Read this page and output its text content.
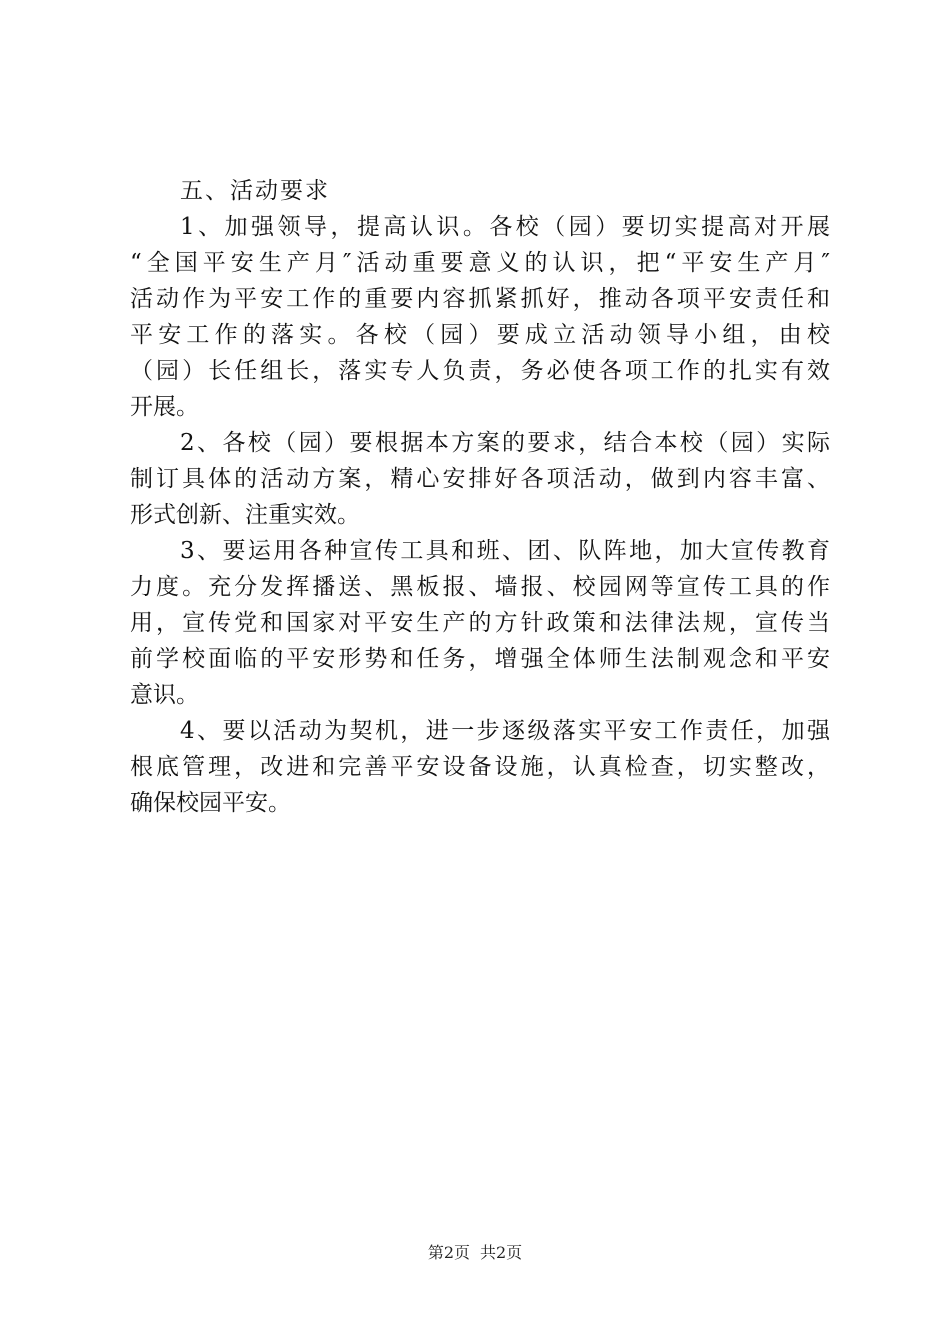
五、活动要求

1、加强领导，提高认识。各校（园）要切实提高对开展
“全国平安生产月″活动重要意义的认识，把“平安生产月″
活动作为平安工作的重要内容抓紧抓好，推动各项平安责任和
平安工作的落实。各校（园）要成立活动领导小组，由校
（园）长任组长，落实专人负责，务必使各项工作的扎实有效
开展。

2、各校（园）要根据本方案的要求，结合本校（园）实际
制订具体的活动方案，精心安排好各项活动，做到内容丰富、
形式创新、注重实效。

3、要运用各种宣传工具和班、团、队阵地，加大宣传教育
力度。充分发挥播送、黑板报、墙报、校园网等宣传工具的作
用，宣传党和国家对平安生产的方针政策和法律法规，宣传当
前学校面临的平安形势和任务，增强全体师生法制观念和平安
意识。

4、要以活动为契机，进一步逐级落实平安工作责任，加强
根底管理，改进和完善平安设备设施，认真检查，切实整改，
确保校园平安。

第2页 共2页
